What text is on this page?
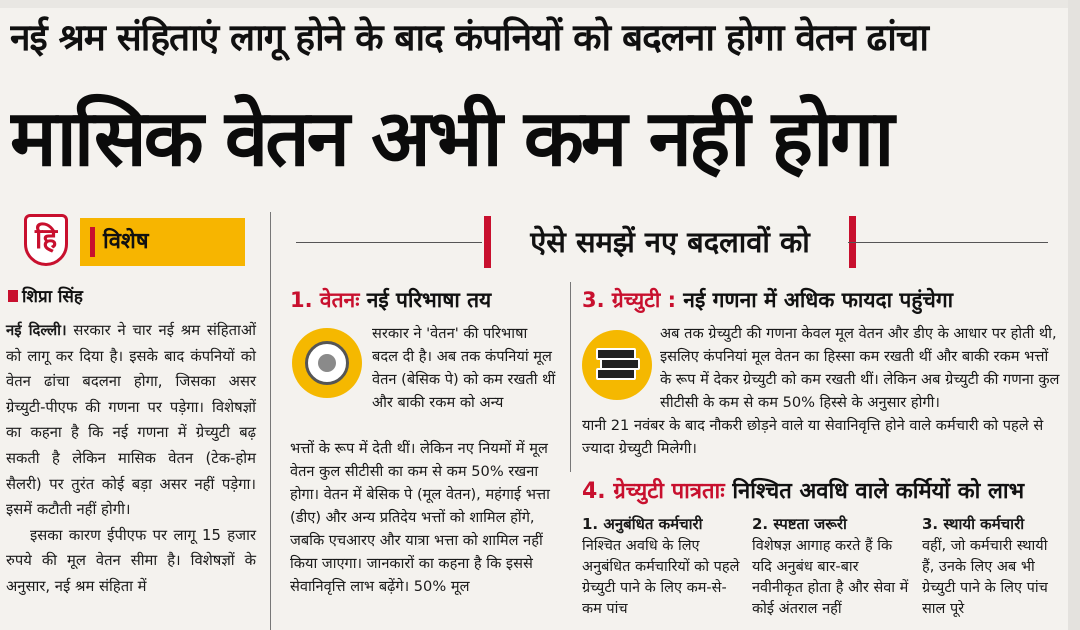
नई श्रम संहिताएं लागू होने के बाद कंपनियों को बदलना होगा वेतन ढांचा
मासिक वेतन अभी कम नहीं होगा
हि	विशेष	ऐसे समझें नए बदलावों को
शिप्रा सिंह

नई दिल्ली। सरकार ने चार नई श्रम संहिताओं को लागू कर दिया है। इसके बाद कंपनियों को वेतन ढांचा बदलना होगा, जिसका असर ग्रेच्युटी-पीएफ की गणना पर पड़ेगा। विशेषज्ञों का कहना है कि नई गणना में ग्रेच्युटी बढ़ सकती है लेकिन मासिक वेतन (टेक-होम सैलरी) पर तुरंत कोई बड़ा असर नहीं पड़ेगा। इसमें कटौती नहीं होगी।

इसका कारण ईपीएफ पर लागू 15 हजार रुपये की मूल वेतन सीमा है। विशेषज्ञों के अनुसार, नई श्रम संहिता में

1. वेतनः नई परिभाषा तय
सरकार ने 'वेतन' की परिभाषा बदल दी है। अब तक कंपनियां मूल वेतन (बेसिक पे) को कम रखती थीं और बाकी रकम को अन्य
भत्तों के रूप में देती थीं। लेकिन नए नियमों में मूल वेतन कुल सीटीसी का कम से कम 50% रखना होगा। वेतन में बेसिक पे (मूल वेतन), महंगाई भत्ता (डीए) और अन्य प्रतिदेय भत्तों को शामिल होंगे, जबकि एचआरए और यात्रा भत्ता को शामिल नहीं किया जाएगा। जानकारों का कहना है कि इससे सेवानिवृत्ति लाभ बढ़ेंगे। 50% मूल
3. ग्रेच्युटी : नई गणना में अधिक फायदा पहुंचेगा
अब तक ग्रेच्युटी की गणना केवल मूल वेतन और डीए के आधार पर होती थी, इसलिए कंपनियां मूल वेतन का हिस्सा कम रखती थीं और बाकी रकम भत्तों के रूप में देकर ग्रेच्युटी को कम रखती थीं। लेकिन अब ग्रेच्युटी की गणना कुल सीटीसी के कम से कम 50% हिस्से के अनुसार होगी।
यानी 21 नवंबर के बाद नौकरी छोड़ने वाले या सेवानिवृत्ति होने वाले कर्मचारी को पहले से ज्यादा ग्रेच्युटी मिलेगी।
4. ग्रेच्युटी पात्रताः निश्चित अवधि वाले कर्मियों को लाभ
1. अनुबंधित कर्मचारी
निश्चित अवधि के लिए अनुबंधित कर्मचारियों को पहले ग्रेच्युटी पाने के लिए कम-से-कम पांच
2. स्पष्टता जरूरी
विशेषज्ञ आगाह करते हैं कि यदि अनुबंध बार-बार नवीनीकृत होता है और सेवा में कोई अंतराल नहीं
3. स्थायी कर्मचारी
वहीं, जो कर्मचारी स्थायी हैं, उनके लिए अब भी ग्रेच्युटी पाने के लिए पांच साल पूरे
